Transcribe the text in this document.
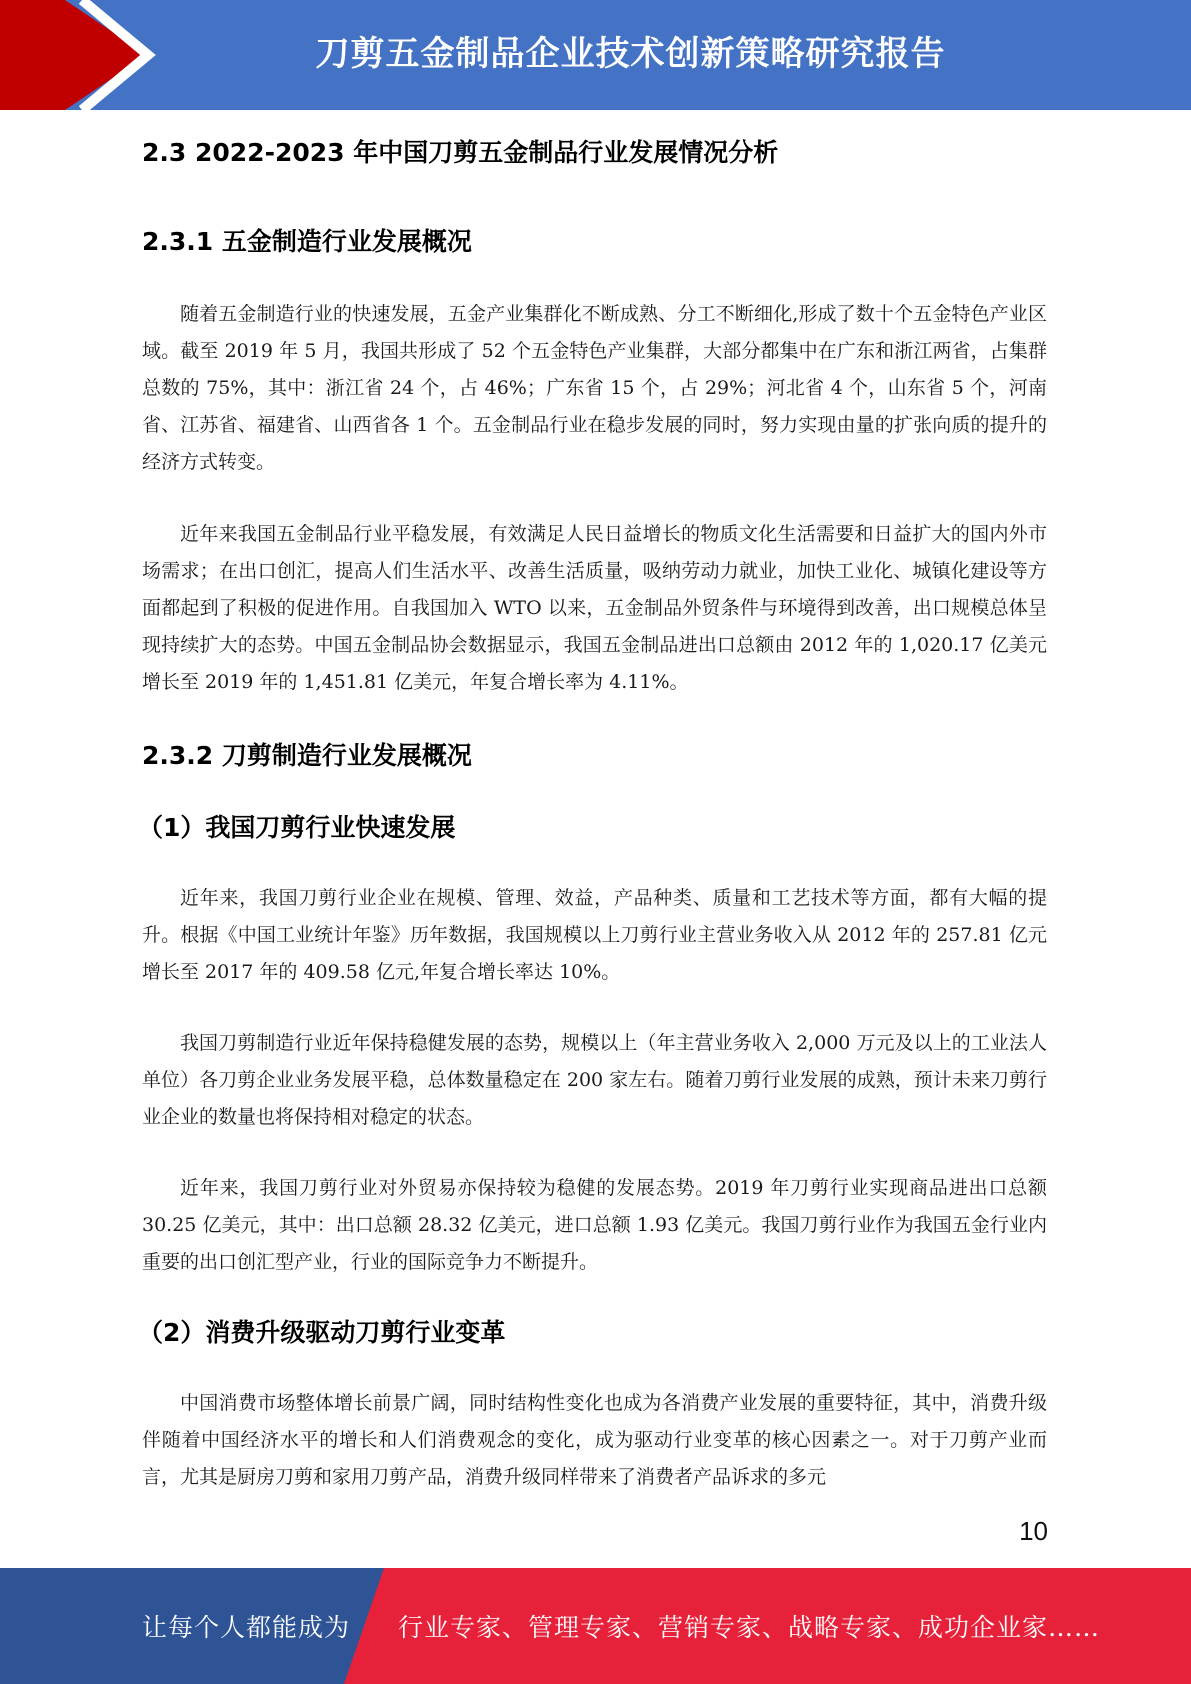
刀剪五金制品企业技术创新策略研究报告
2.3 2022-2023 年中国刀剪五金制品行业发展情况分析
2.3.1 五金制造行业发展概况

随着五金制造行业的快速发展，五金产业集群化不断成熟、分工不断细化,形成了数十个五金特色产业区域。截至 2019 年 5 月，我国共形成了 52 个五金特色产业集群，大部分都集中在广东和浙江两省，占集群总数的 75%，其中：浙江省 24 个，占 46%；广东省 15 个，占 29%；河北省 4 个，山东省 5 个，河南省、江苏省、福建省、山西省各 1 个。五金制品行业在稳步发展的同时，努力实现由量的扩张向质的提升的经济方式转变。

近年来我国五金制品行业平稳发展，有效满足人民日益增长的物质文化生活需要和日益扩大的国内外市场需求；在出口创汇，提高人们生活水平、改善生活质量，吸纳劳动力就业，加快工业化、城镇化建设等方面都起到了积极的促进作用。自我国加入 WTO 以来，五金制品外贸条件与环境得到改善，出口规模总体呈现持续扩大的态势。中国五金制品协会数据显示，我国五金制品进出口总额由 2012 年的 1,020.17 亿美元增长至 2019 年的 1,451.81 亿美元，年复合增长率为 4.11%。

2.3.2 刀剪制造行业发展概况
（1）我国刀剪行业快速发展

近年来，我国刀剪行业企业在规模、管理、效益，产品种类、质量和工艺技术等方面，都有大幅的提升。根据《中国工业统计年鉴》历年数据，我国规模以上刀剪行业主营业务收入从 2012 年的 257.81 亿元增长至 2017 年的 409.58 亿元,年复合增长率达 10%。

我国刀剪制造行业近年保持稳健发展的态势，规模以上（年主营业务收入 2,000 万元及以上的工业法人单位）各刀剪企业业务发展平稳，总体数量稳定在 200 家左右。随着刀剪行业发展的成熟，预计未来刀剪行业企业的数量也将保持相对稳定的状态。

近年来，我国刀剪行业对外贸易亦保持较为稳健的发展态势。2019 年刀剪行业实现商品进出口总额 30.25 亿美元，其中：出口总额 28.32 亿美元，进口总额 1.93 亿美元。我国刀剪行业作为我国五金行业内重要的出口创汇型产业，行业的国际竞争力不断提升。

（2）消费升级驱动刀剪行业变革

中国消费市场整体增长前景广阔，同时结构性变化也成为各消费产业发展的重要特征，其中，消费升级伴随着中国经济水平的增长和人们消费观念的变化，成为驱动行业变革的核心因素之一。对于刀剪产业而言，尤其是厨房刀剪和家用刀剪产品，消费升级同样带来了消费者产品诉求的多元

10
让每个人都能成为 行业专家、管理专家、营销专家、战略专家、成功企业家……
